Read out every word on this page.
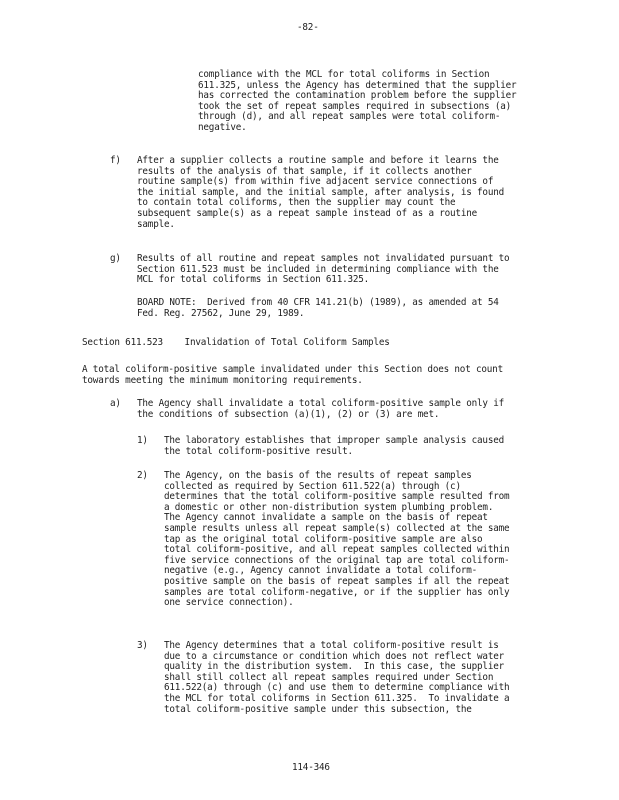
-82-
compliance with the MCL for total coliforms in Section
611.325, unless the Agency has determined that the supplier
has corrected the contamination problem before the supplier
took the set of repeat samples required in subsections (a)
through (d), and all repeat samples were total coliform-
negative.
f) After a supplier collects a routine sample and before it learns the
results of the analysis of that sample, if it collects another
routine sample(s) from within five adjacent service connections of
the initial sample, and the initial sample, after analysis, is found
to contain total coliforms, then the supplier may count the
subsequent sample(s) as a repeat sample instead of as a routine
sample.
g) Results of all routine and repeat samples not invalidated pursuant to
Section 611.523 must be included in determining compliance with the
MCL for total coliforms in Section 611.325.
BOARD NOTE:  Derived from 40 CFR 141.21(b) (1989), as amended at 54
Fed. Reg. 27562, June 29, 1989.
Section 611.523    Invalidation of Total Coliform Samples
A total coliform-positive sample invalidated under this Section does not count
towards meeting the minimum monitoring requirements.
a) The Agency shall invalidate a total coliform-positive sample only if
the conditions of subsection (a)(1), (2) or (3) are met.
1) The laboratory establishes that improper sample analysis caused
the total coliform-positive result.
2) The Agency, on the basis of the results of repeat samples
collected as required by Section 611.522(a) through (c)
determines that the total coliform-positive sample resulted from
a domestic or other non-distribution system plumbing problem.
The Agency cannot invalidate a sample on the basis of repeat
sample results unless all repeat sample(s) collected at the same
tap as the original total coliform-positive sample are also
total coliform-positive, and all repeat samples collected within
five service connections of the original tap are total coliform-
negative (e.g., Agency cannot invalidate a total coliform-
positive sample on the basis of repeat samples if all the repeat
samples are total coliform-negative, or if the supplier has only
one service connection).
3) The Agency determines that a total coliform-positive result is
due to a circumstance or condition which does not reflect water
quality in the distribution system.  In this case, the supplier
shall still collect all repeat samples required under Section
611.522(a) through (c) and use them to determine compliance with
the MCL for total coliforms in Section 611.325.  To invalidate a
total coliform-positive sample under this subsection, the
114-346
